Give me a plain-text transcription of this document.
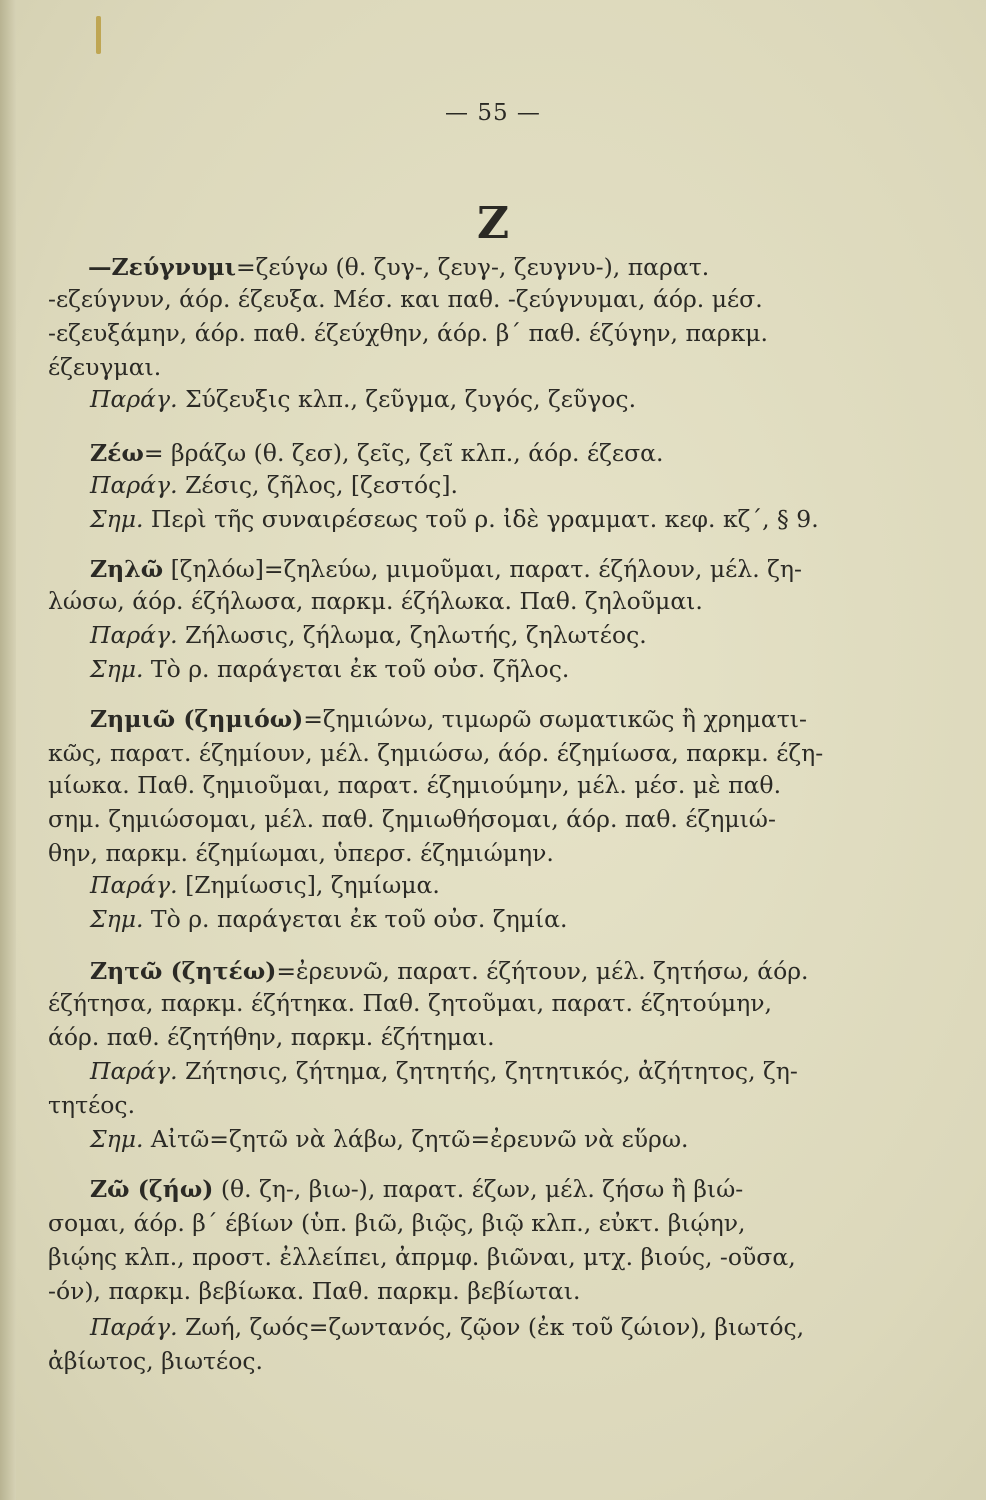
— 55 —
Z
—Ζεύγνυμι=ζεύγω (θ. ζυγ-, ζευγ-, ζευγνυ-), παρατ.
-εζεύγνυν, άόρ. έζευξα. Μέσ. και παθ. -ζεύγνυμαι, άόρ. μέσ.
-εζευξάμην, άόρ. παθ. έζεύχθην, άόρ. β΄ παθ. έζύγην, παρκμ.
έζευγμαι.
Παράγ. Σύζευξις κλπ., ζεῦγμα, ζυγός, ζεῦγος.
Ζέω= βράζω (θ. ζεσ), ζεῖς, ζεῖ κλπ., άόρ. έζεσα.
Παράγ. Ζέσις, ζῆλος, [ζεστός].
Σημ. Περὶ τῆς συναιρέσεως τοῦ ρ. ἰδὲ γραμματ. κεφ. κζ΄, § 9.
Ζηλῶ [ζηλόω]=ζηλεύω, μιμοῦμαι, παρατ. έζήλουν, μέλ. ζη-
λώσω, άόρ. έζήλωσα, παρκμ. έζήλωκα. Παθ. ζηλοῦμαι.
Παράγ. Ζήλωσις, ζήλωμα, ζηλωτής, ζηλωτέος.
Σημ. Τὸ ρ. παράγεται ἐκ τοῦ οὐσ. ζῆλος.
Ζημιῶ (ζημιόω)=ζημιώνω, τιμωρῶ σωματικῶς ἢ χρηματι-
κῶς, παρατ. έζημίουν, μέλ. ζημιώσω, άόρ. έζημίωσα, παρκμ. έζη-
μίωκα. Παθ. ζημιοῦμαι, παρατ. έζημιούμην, μέλ. μέσ. μὲ παθ.
σημ. ζημιώσομαι, μέλ. παθ. ζημιωθήσομαι, άόρ. παθ. έζημιώ-
θην, παρκμ. έζημίωμαι, ὑπερσ. έζημιώμην.
Παράγ. [Ζημίωσις], ζημίωμα.
Σημ. Τὸ ρ. παράγεται ἐκ τοῦ οὐσ. ζημία.
Ζητῶ (ζητέω)=ἐρευνῶ, παρατ. έζήτουν, μέλ. ζητήσω, άόρ.
έζήτησα, παρκμ. έζήτηκα. Παθ. ζητοῦμαι, παρατ. έζητούμην,
άόρ. παθ. έζητήθην, παρκμ. έζήτημαι.
Παράγ. Ζήτησις, ζήτημα, ζητητής, ζητητικός, ἀζήτητος, ζη-
τητέος.
Σημ. Αἰτῶ=ζητῶ νὰ λάβω, ζητῶ=ἐρευνῶ νὰ εὕρω.
Ζῶ (ζήω) (θ. ζη-, βιω-), παρατ. έζων, μέλ. ζήσω ἢ βιώ-
σομαι, άόρ. β΄ έβίων (ὑπ. βιῶ, βιῷς, βιῷ κλπ., εὐκτ. βιῴην,
βιῴης κλπ., προστ. ἐλλείπει, ἀπρμφ. βιῶναι, μτχ. βιούς, -οῦσα,
-όν), παρκμ. βεβίωκα. Παθ. παρκμ. βεβίωται.
Παράγ. Ζωή, ζωός=ζωντανός, ζῷον (ἐκ τοῦ ζώιον), βιωτός,
ἀβίωτος, βιωτέος.
